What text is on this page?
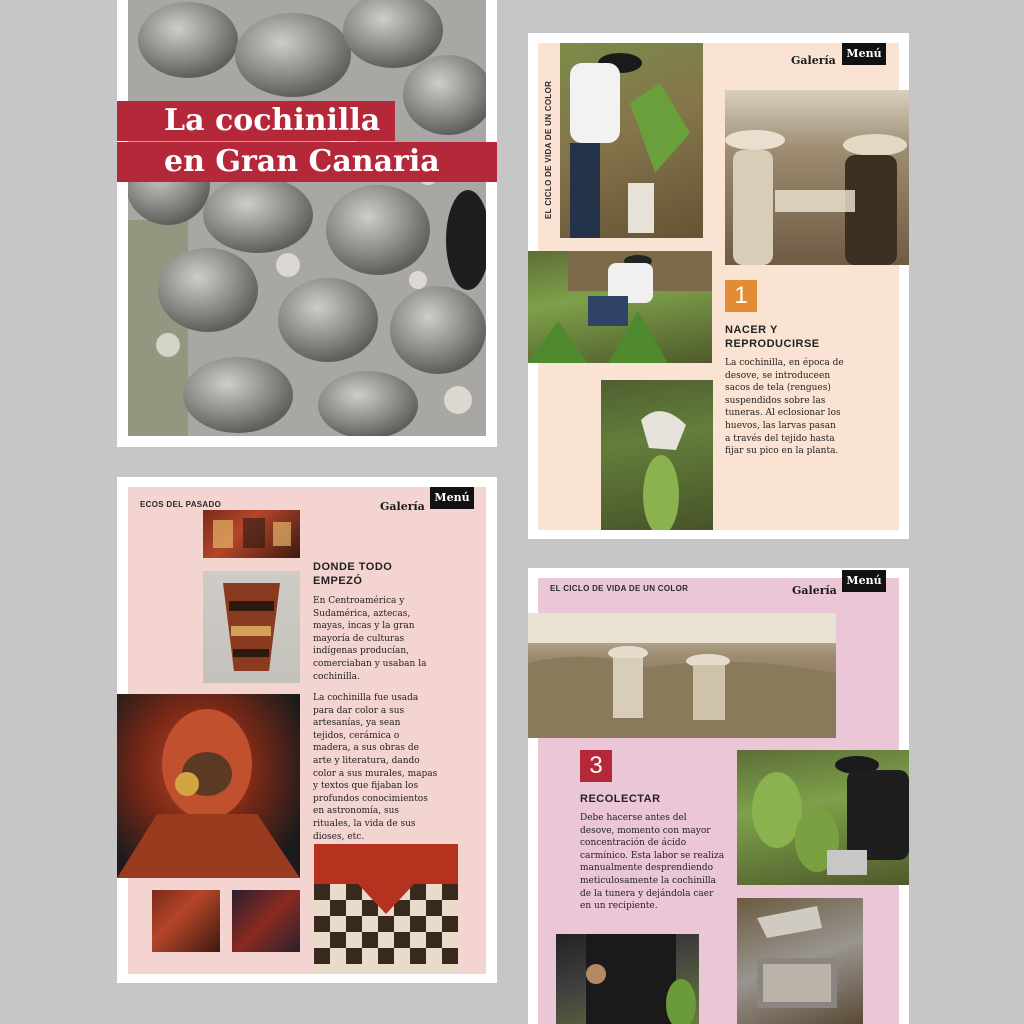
La cochinilla
en Gran Canaria	EL CICLO DE VIDA DE UN COLOR
Galería
Menú
1
NACER Y
REPRODUCIRSE
La cochinilla, en época de
desove, se introduceen
sacos de tela (rengues)
suspendidos sobre las
tuneras. Al eclosionar los
huevos, las larvas pasan
a través del tejido hasta
fijar su pico en la planta.
ECOS DEL PASADO	Galería
Menú
DONDE TODO
EMPEZÓ
En Centroamérica y
Sudamérica, aztecas,
mayas, incas y la gran
mayoría de culturas
indígenas producían,
comerciaban y usaban la
cochinilla.
La cochinilla fue usada
para dar color a sus
artesanías, ya sean
tejidos, cerámica o
madera, a sus obras de
arte y literatura, dando
color a sus murales, mapas
y textos que fijaban los
profundos conocimientos
en astronomía, sus
rituales, la vida de sus
dioses, etc.
EL CICLO DE VIDA DE UN COLOR	Galería
Menú
3
RECOLECTAR
Debe hacerse antes del
desove, momento con mayor
concentración de ácido
carmínico. Esta labor se realiza
manualmente desprendiendo
meticulosamente la cochinilla
de la tunera y dejándola caer
en un recipiente.
